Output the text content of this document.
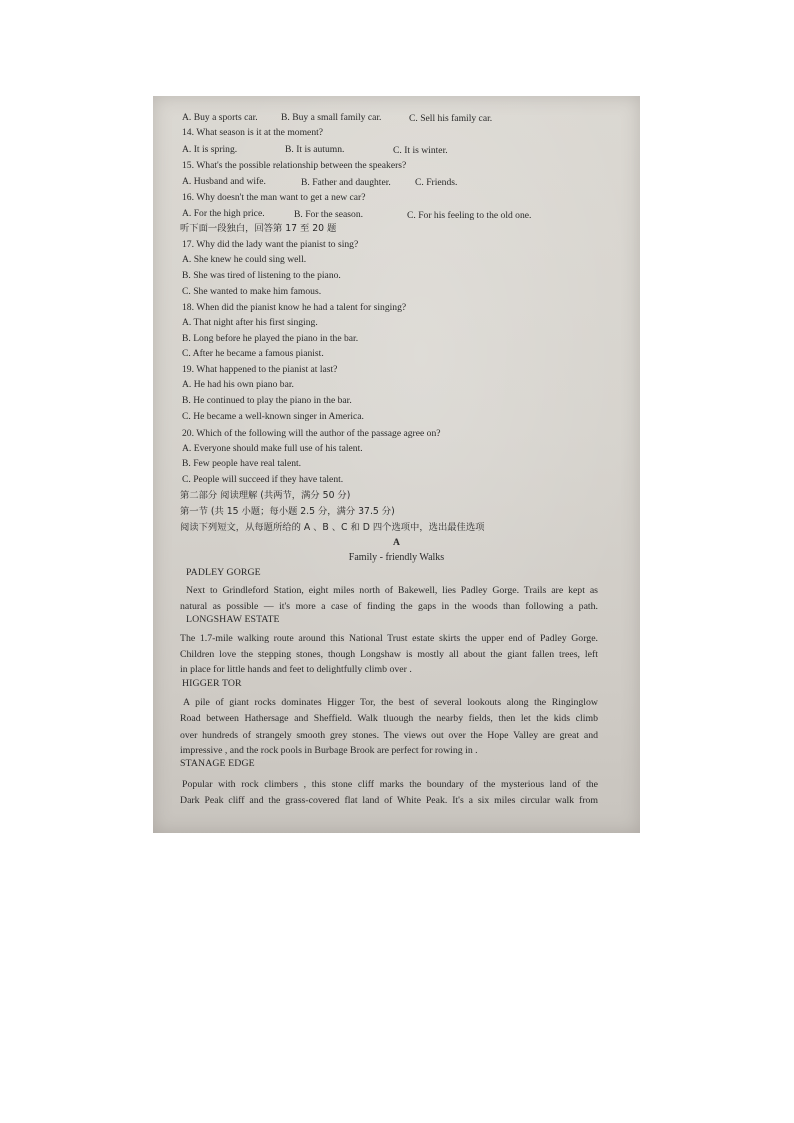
A. Buy a sports car. B. Buy a small family car.	C. Sell his family car.
14. What season is it at the moment?
A. It is spring.	B. It is autumn.	C. It is winter.
15. What's the possible relationship between the speakers?
A. Husband and wife.	B. Father and daughter.	C. Friends.
16. Why doesn't the man want to get a new car?
A. For the high price.	B. For the season.	C. For his feeling to the old one.
听下面一段独白，回答第 17 至 20 题
17. Why did the lady want the pianist to sing?
A. She knew he could sing well.
B. She was tired of listening to the piano.
C. She wanted to make him famous.
18. When did the pianist know he had a talent for singing?
A. That night after his first singing.
B. Long before he played the piano in the bar.
C. After he became a famous pianist.
19. What happened to the pianist at last?
A. He had his own piano bar.
B. He continued to play the piano in the bar.
C. He became a well-known singer in America.
20. Which of the following will the author of the passage agree on?
A. Everyone should make full use of his talent.
B. Few people have real talent.
C. People will succeed if they have talent.
第二部分 阅读理解 (共两节，满分 50 分)
第一节 (共 15 小题；每小题 2.5 分，满分 37.5 分)
阅读下列短文，从每题所给的 A 、B 、C 和 D 四个选项中，选出最佳选项
A
Family - friendly Walks
PADLEY GORGE
Next to Grindleford Station, eight miles north of Bakewell, lies Padley Gorge. Trails are kept as
natural as possible — it's more a case of finding the gaps in the woods than following a path.
LONGSHAW ESTATE
The 1.7-mile walking route around this National Trust estate skirts the upper end of Padley Gorge.
Children love the stepping stones, though Longshaw is mostly all about the giant fallen trees, left
in place for little hands and feet to delightfully climb over .
HIGGER TOR
A pile of giant rocks dominates Higger Tor, the best of several lookouts along the Ringinglow
Road between Hathersage and Sheffield. Walk tluough the nearby fields, then let the kids climb
over hundreds of strangely smooth grey stones. The views out over the Hope Valley are great and
impressive , and the rock pools in Burbage Brook are perfect for rowing in .
STANAGE EDGE
Popular with rock climbers , this stone cliff marks the boundary of the mysterious land of the
Dark Peak cliff and the grass-covered flat land of White Peak. It's a six miles circular walk from
